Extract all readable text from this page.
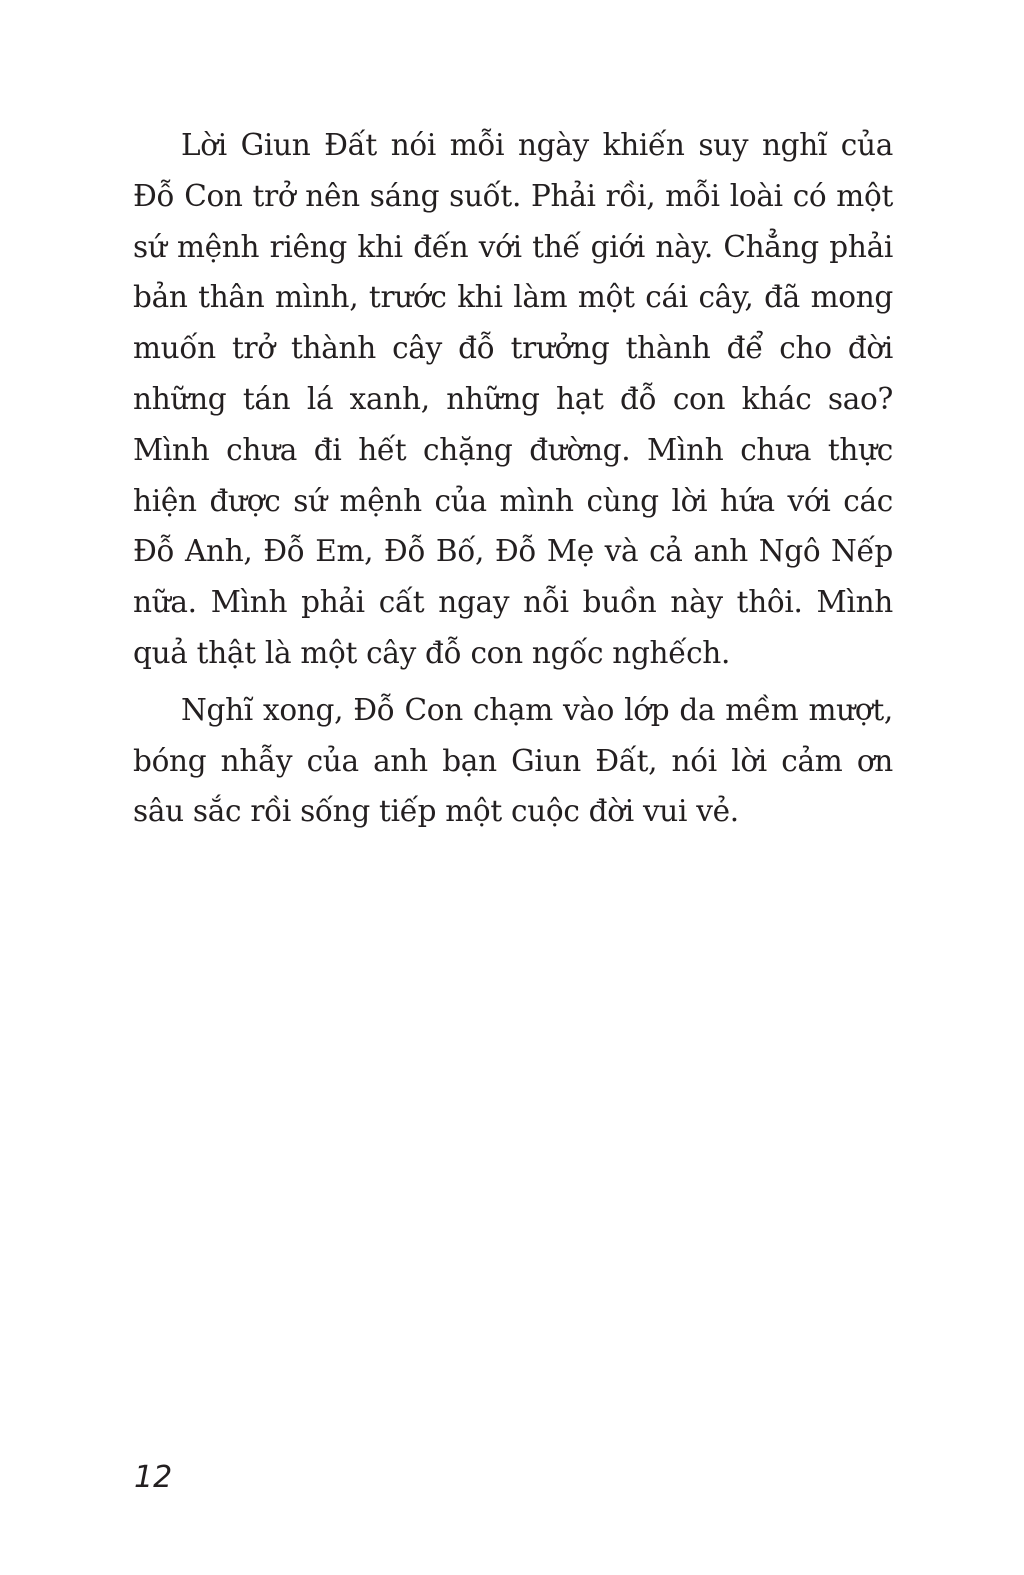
Lời Giun Đất nói mỗi ngày khiến suy nghĩ của Đỗ Con trở nên sáng suốt. Phải rồi, mỗi loài có một sứ mệnh riêng khi đến với thế giới này. Chẳng phải bản thân mình, trước khi làm một cái cây, đã mong muốn trở thành cây đỗ trưởng thành để cho đời những tán lá xanh, những hạt đỗ con khác sao? Mình chưa đi hết chặng đường. Mình chưa thực hiện được sứ mệnh của mình cùng lời hứa với các Đỗ Anh, Đỗ Em, Đỗ Bố, Đỗ Mẹ và cả anh Ngô Nếp nữa. Mình phải cất ngay nỗi buồn này thôi. Mình quả thật là một cây đỗ con ngốc nghếch.

Nghĩ xong, Đỗ Con chạm vào lớp da mềm mượt, bóng nhẫy của anh bạn Giun Đất, nói lời cảm ơn sâu sắc rồi sống tiếp một cuộc đời vui vẻ.

12
